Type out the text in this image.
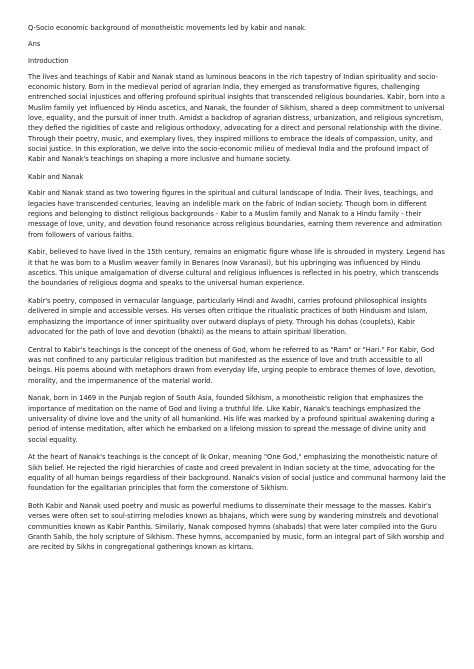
Q-Socio economic background of monotheistic movements led by kabir and nanak.

Ans

Introduction

The lives and teachings of Kabir and Nanak stand as luminous beacons in the rich tapestry of Indian spirituality and socio-economic history. Born in the medieval period of agrarian India, they emerged as transformative figures, challenging entrenched social injustices and offering profound spiritual insights that transcended religious boundaries. Kabir, born into a Muslim family yet influenced by Hindu ascetics, and Nanak, the founder of Sikhism, shared a deep commitment to universal love, equality, and the pursuit of inner truth. Amidst a backdrop of agrarian distress, urbanization, and religious syncretism, they defied the rigidities of caste and religious orthodoxy, advocating for a direct and personal relationship with the divine. Through their poetry, music, and exemplary lives, they inspired millions to embrace the ideals of compassion, unity, and social justice. In this exploration, we delve into the socio-economic milieu of medieval India and the profound impact of Kabir and Nanak's teachings on shaping a more inclusive and humane society.

Kabir and Nanak

Kabir and Nanak stand as two towering figures in the spiritual and cultural landscape of India. Their lives, teachings, and legacies have transcended centuries, leaving an indelible mark on the fabric of Indian society. Though born in different regions and belonging to distinct religious backgrounds - Kabir to a Muslim family and Nanak to a Hindu family - their message of love, unity, and devotion found resonance across religious boundaries, earning them reverence and admiration from followers of various faiths.

Kabir, believed to have lived in the 15th century, remains an enigmatic figure whose life is shrouded in mystery. Legend has it that he was born to a Muslim weaver family in Benares (now Varanasi), but his upbringing was influenced by Hindu ascetics. This unique amalgamation of diverse cultural and religious influences is reflected in his poetry, which transcends the boundaries of religious dogma and speaks to the universal human experience.

Kabir's poetry, composed in vernacular language, particularly Hindi and Avadhi, carries profound philosophical insights delivered in simple and accessible verses. His verses often critique the ritualistic practices of both Hinduism and Islam, emphasizing the importance of inner spirituality over outward displays of piety. Through his dohas (couplets), Kabir advocated for the path of love and devotion (bhakti) as the means to attain spiritual liberation.

Central to Kabir's teachings is the concept of the oneness of God, whom he referred to as "Ram" or "Hari." For Kabir, God was not confined to any particular religious tradition but manifested as the essence of love and truth accessible to all beings. His poems abound with metaphors drawn from everyday life, urging people to embrace themes of love, devotion, morality, and the impermanence of the material world.

Nanak, born in 1469 in the Punjab region of South Asia, founded Sikhism, a monotheistic religion that emphasizes the importance of meditation on the name of God and living a truthful life. Like Kabir, Nanak's teachings emphasized the universality of divine love and the unity of all humankind. His life was marked by a profound spiritual awakening during a period of intense meditation, after which he embarked on a lifelong mission to spread the message of divine unity and social equality.

At the heart of Nanak's teachings is the concept of Ik Onkar, meaning "One God," emphasizing the monotheistic nature of Sikh belief. He rejected the rigid hierarchies of caste and creed prevalent in Indian society at the time, advocating for the equality of all human beings regardless of their background. Nanak's vision of social justice and communal harmony laid the foundation for the egalitarian principles that form the cornerstone of Sikhism.

Both Kabir and Nanak used poetry and music as powerful mediums to disseminate their message to the masses. Kabir's verses were often set to soul-stirring melodies known as bhajans, which were sung by wandering minstrels and devotional communities known as Kabir Panthis. Similarly, Nanak composed hymns (shabads) that were later compiled into the Guru Granth Sahib, the holy scripture of Sikhism. These hymns, accompanied by music, form an integral part of Sikh worship and are recited by Sikhs in congregational gatherings known as kirtans.
